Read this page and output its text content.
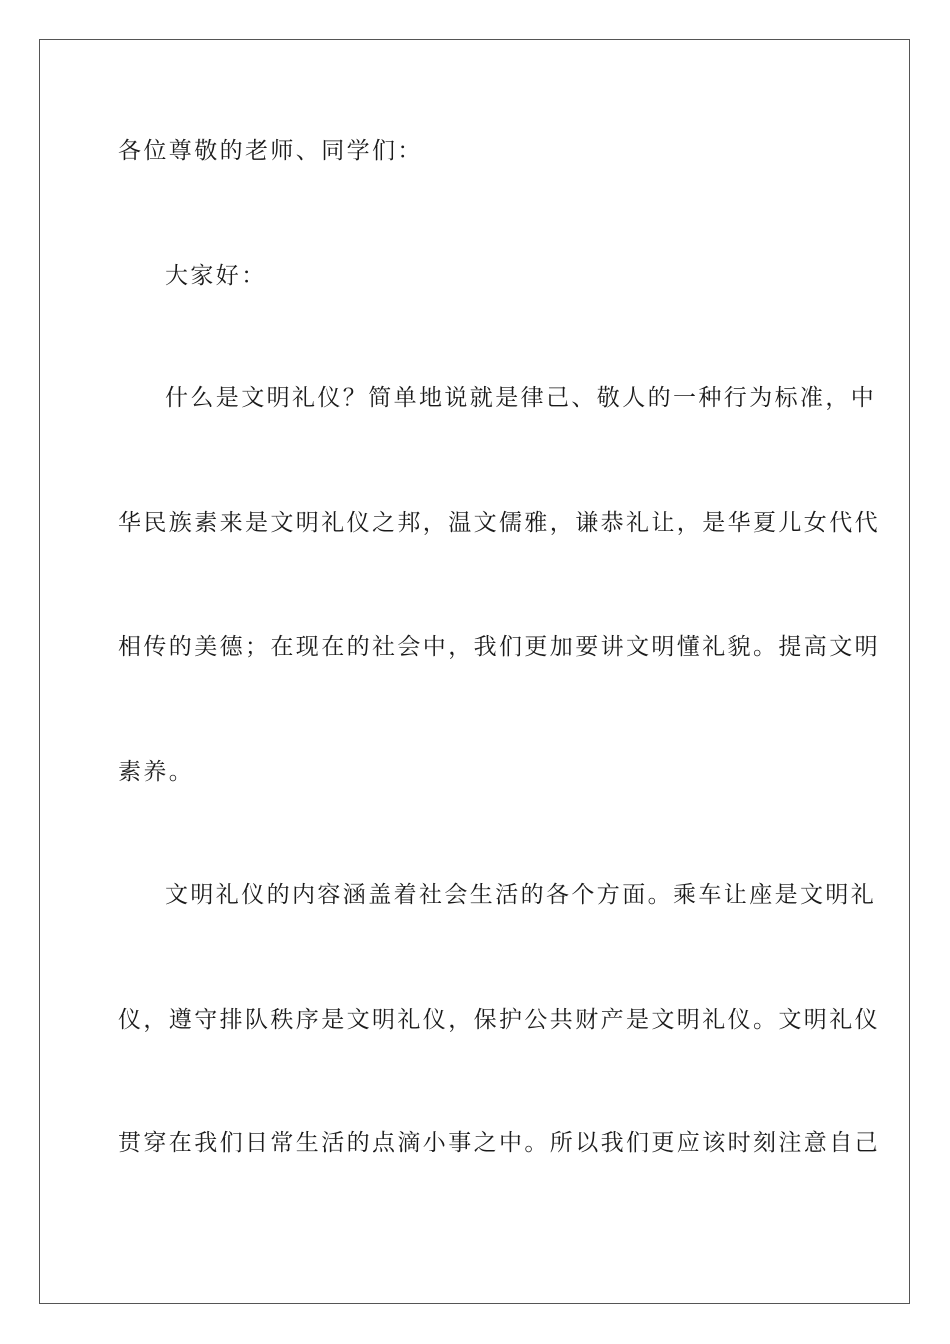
各位尊敬的老师、同学们：
大家好：
什么是文明礼仪？简单地说就是律己、敬人的一种行为标准，中
华民族素来是文明礼仪之邦，温文儒雅，谦恭礼让，是华夏儿女代代
相传的美德；在现在的社会中，我们更加要讲文明懂礼貌。提高文明
素养。
文明礼仪的内容涵盖着社会生活的各个方面。乘车让座是文明礼
仪，遵守排队秩序是文明礼仪，保护公共财产是文明礼仪。文明礼仪
贯穿在我们日常生活的点滴小事之中。所以我们更应该时刻注意自己
